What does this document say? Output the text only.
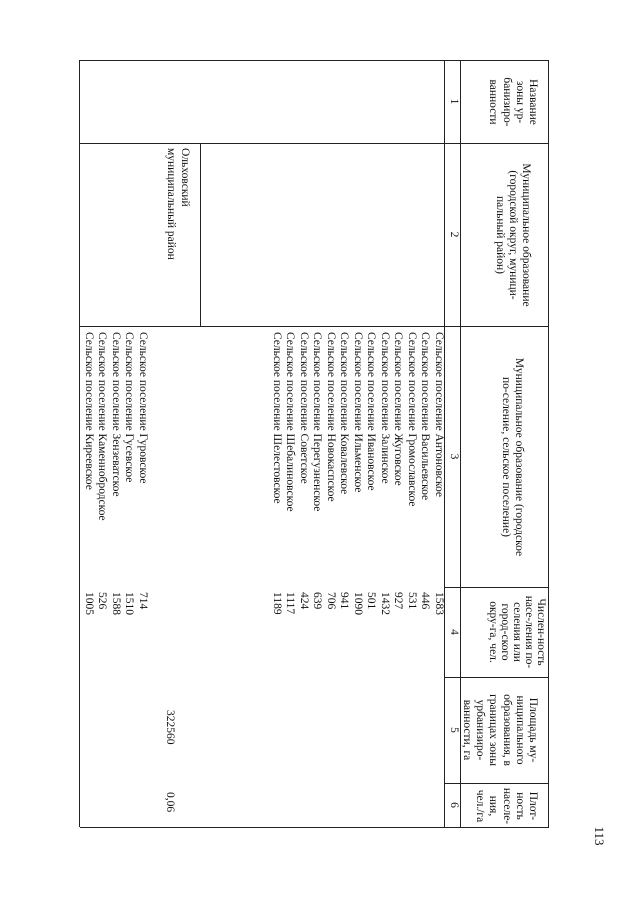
113
Название зоны ур-банизиро-ванности
Муниципальное образование (городской округ, муници-пальный район)
Муниципальное образование (городское по-селение, сельское поселение)
Числен-ность насе-ления по-селения или город-ского окру-га, чел.
Площадь му-ниципального образования, в границах зоны урбанизиро-ванности, га
Плот-ность населе-ния, чел./га
1
2
3
4
5
6
Сельское поселение Антоновское
Сельское поселение Васильевское
Сельское поселение Громославское
Сельское поселение Жуговское
Сельское поселение Залинское
Сельское поселение Ивановское
Сельское поселение Ильменское
Сельское поселение Ковалевское
Сельское поселение Новокаспское
Сельское поселение Перегузненское
Сельское поселение Советское
Сельское поселение Шебалиновское
Сельское поселение Шелестовское
1583
446
531
927
1432
501
1090
941
706
639
424
1117
1189
Ольховский муниципальный район
Сельское поселение Гуровское
Сельское поселение Гусевское
Сельское поселение Зензеватское
Сельское поселение Каменнобродское
Сельское поселение Киреевское
714
1510
1588
526
1005
322560
0,06
